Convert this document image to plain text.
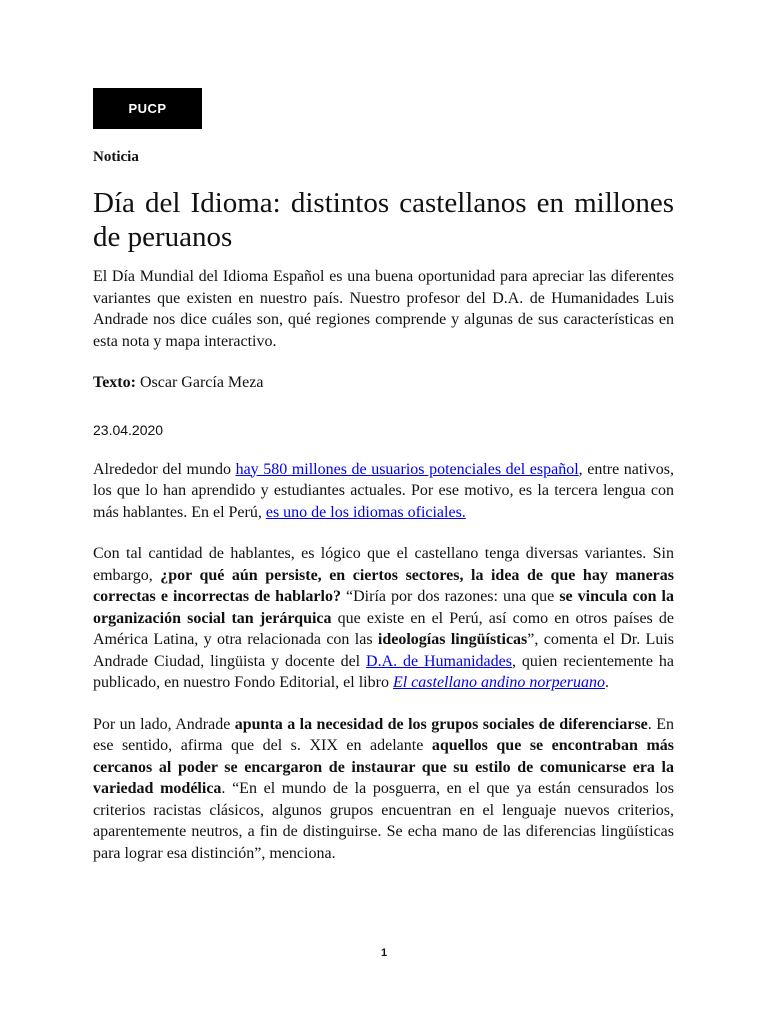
PUCP

Noticia

Día del Idioma: distintos castellanos en millones de peruanos

El Día Mundial del Idioma Español es una buena oportunidad para apreciar las diferentes variantes que existen en nuestro país. Nuestro profesor del D.A. de Humanidades Luis Andrade nos dice cuáles son, qué regiones comprende y algunas de sus características en esta nota y mapa interactivo.

Texto: Oscar García Meza

23.04.2020

Alrededor del mundo hay 580 millones de usuarios potenciales del español, entre nativos, los que lo han aprendido y estudiantes actuales. Por ese motivo, es la tercera lengua con más hablantes. En el Perú, es uno de los idiomas oficiales.

Con tal cantidad de hablantes, es lógico que el castellano tenga diversas variantes. Sin embargo, ¿por qué aún persiste, en ciertos sectores, la idea de que hay maneras correctas e incorrectas de hablarlo? “Diría por dos razones: una que se vincula con la organización social tan jerárquica que existe en el Perú, así como en otros países de América Latina, y otra relacionada con las ideologías lingüísticas”, comenta el Dr. Luis Andrade Ciudad, lingüista y docente del D.A. de Humanidades, quien recientemente ha publicado, en nuestro Fondo Editorial, el libro El castellano andino norperuano.

Por un lado, Andrade apunta a la necesidad de los grupos sociales de diferenciarse. En ese sentido, afirma que del s. XIX en adelante aquellos que se encontraban más cercanos al poder se encargaron de instaurar que su estilo de comunicarse era la variedad modélica. “En el mundo de la posguerra, en el que ya están censurados los criterios racistas clásicos, algunos grupos encuentran en el lenguaje nuevos criterios, aparentemente neutros, a fin de distinguirse. Se echa mano de las diferencias lingüísticas para lograr esa distinción”, menciona.

1
